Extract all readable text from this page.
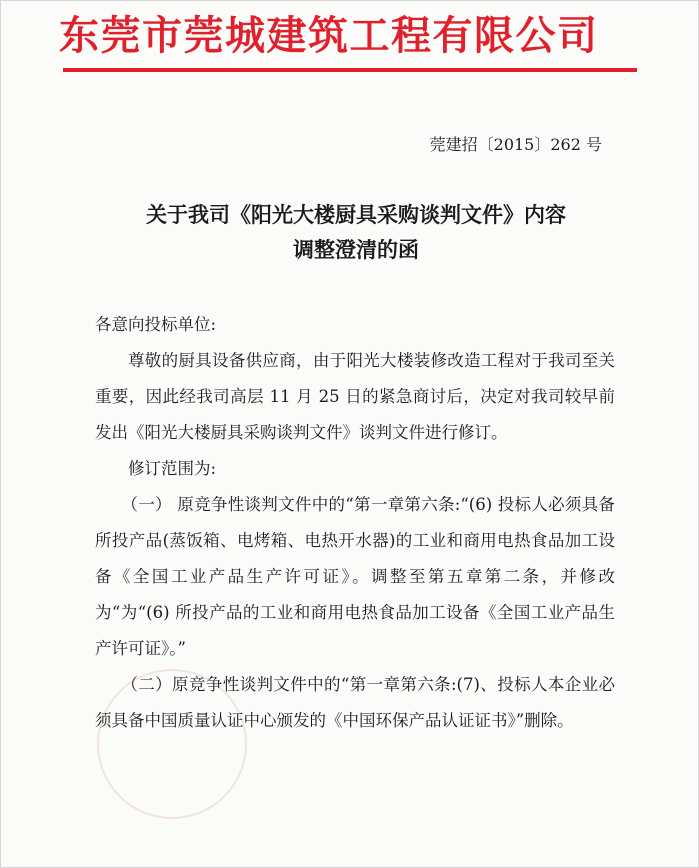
东莞市莞城建筑工程有限公司
莞建招〔2015〕262 号
关于我司《阳光大楼厨具采购谈判文件》内容
调整澄清的函

各意向投标单位:

尊敬的厨具设备供应商，由于阳光大楼装修改造工程对于我司至关重要，因此经我司高层 11 月 25 日的紧急商讨后，决定对我司较早前发出《阳光大楼厨具采购谈判文件》谈判文件进行修订。

修订范围为:

（一） 原竞争性谈判文件中的“第一章第六条:“(6) 投标人必须具备所投产品(蒸饭箱、电烤箱、电热开水器)的工业和商用电热食品加工设备《全国工业产品生产许可证》。调整至第五章第二条，并修改为“为“(6) 所投产品的工业和商用电热食品加工设备《全国工业产品生产许可证》。”

（二）原竞争性谈判文件中的“第一章第六条:(7)、投标人本企业必须具备中国质量认证中心颁发的《中国环保产品认证证书》”删除。
